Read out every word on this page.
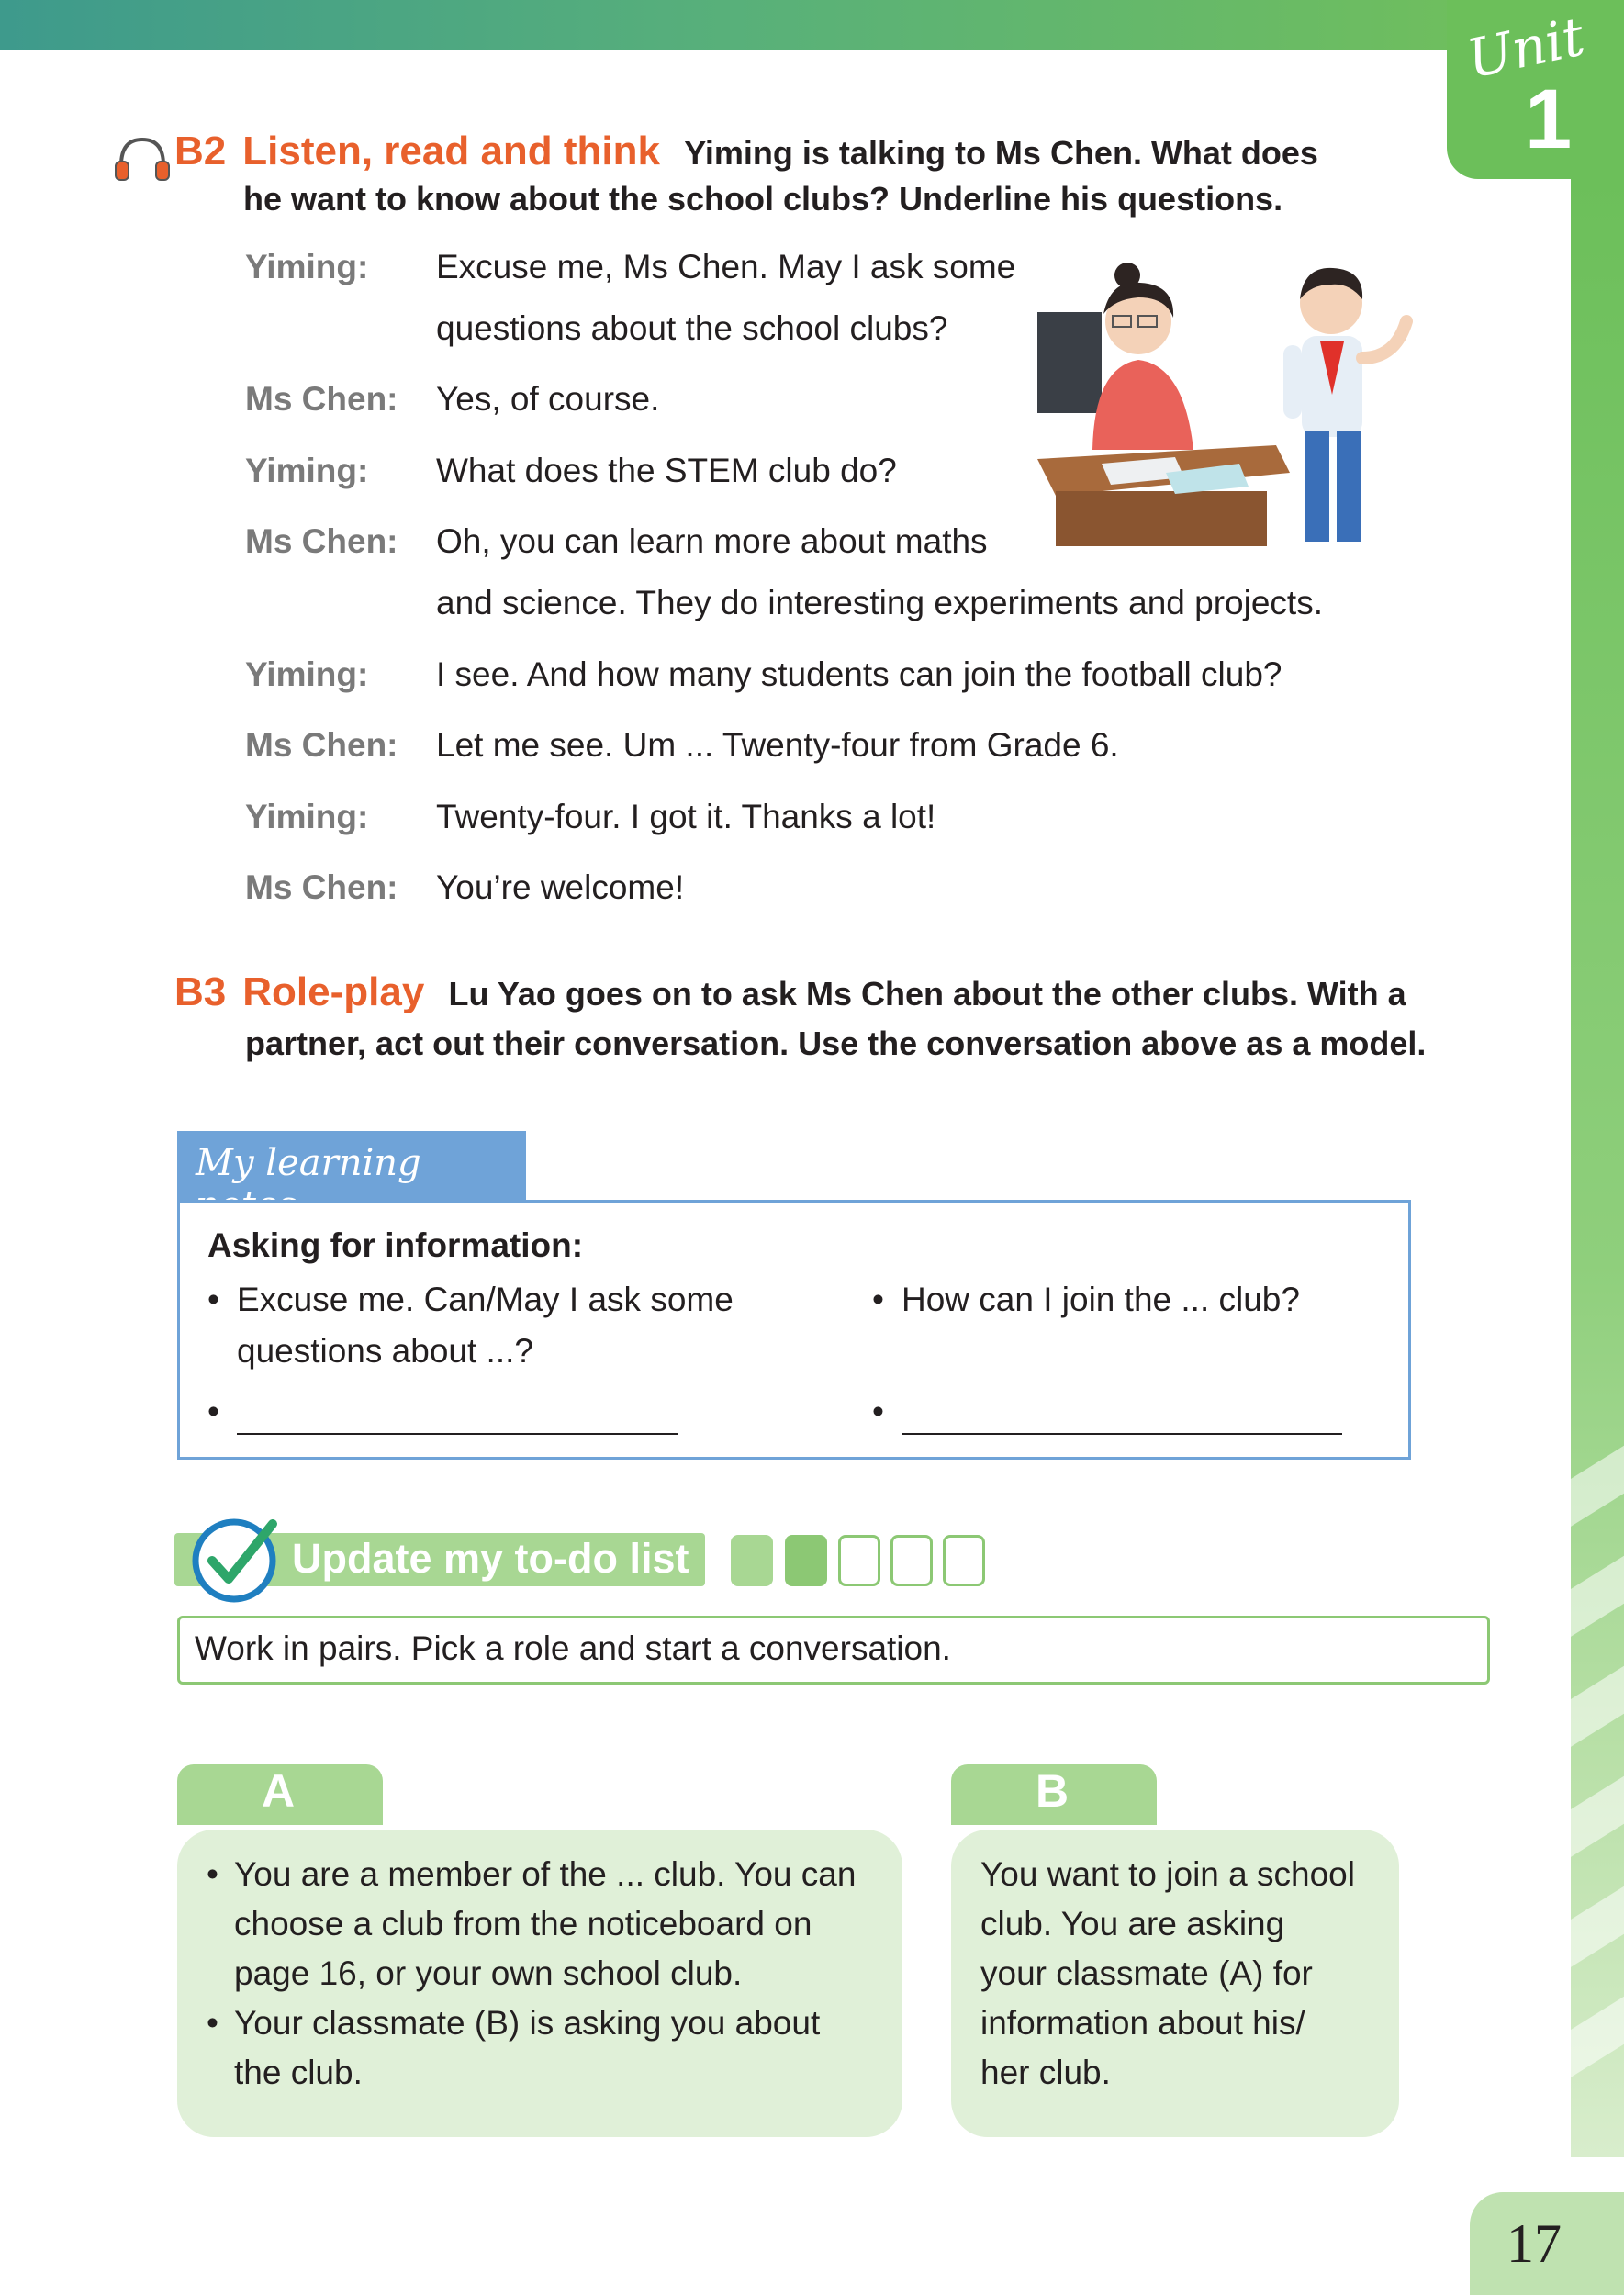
Unit
1
B2 Listen, read and think Yiming is talking to Ms Chen. What does
he want to know about the school clubs? Underline his questions.
Yiming:	Excuse me, Ms Chen. May I ask some
questions about the school clubs?
Ms Chen:	Yes, of course.
Yiming:	What does the STEM club do?
Ms Chen:	Oh, you can learn more about maths
and science. They do interesting experiments and projects.
Yiming:	I see. And how many students can join the football club?
Ms Chen:	Let me see. Um ... Twenty-four from Grade 6.
Yiming:	Twenty-four. I got it. Thanks a lot!
Ms Chen:	You’re welcome!
B3 Role-play Lu Yao goes on to ask Ms Chen about the other clubs. With a
partner, act out their conversation. Use the conversation above as a model.
My learning
Asking for information:
• Excuse me. Can/May I ask some
questions about ...?
• How can I join the ... club?
•	•
Update my to-do list
Work in pairs. Pick a role and start a conversation.
A
• You are a member of the ... club. You can
choose a club from the noticeboard on
page 16, or your own school club.
• Your classmate (B) is asking you about
the club.
B
You want to join a school
club. You are asking
your classmate (A) for
information about his/
her club.
17
